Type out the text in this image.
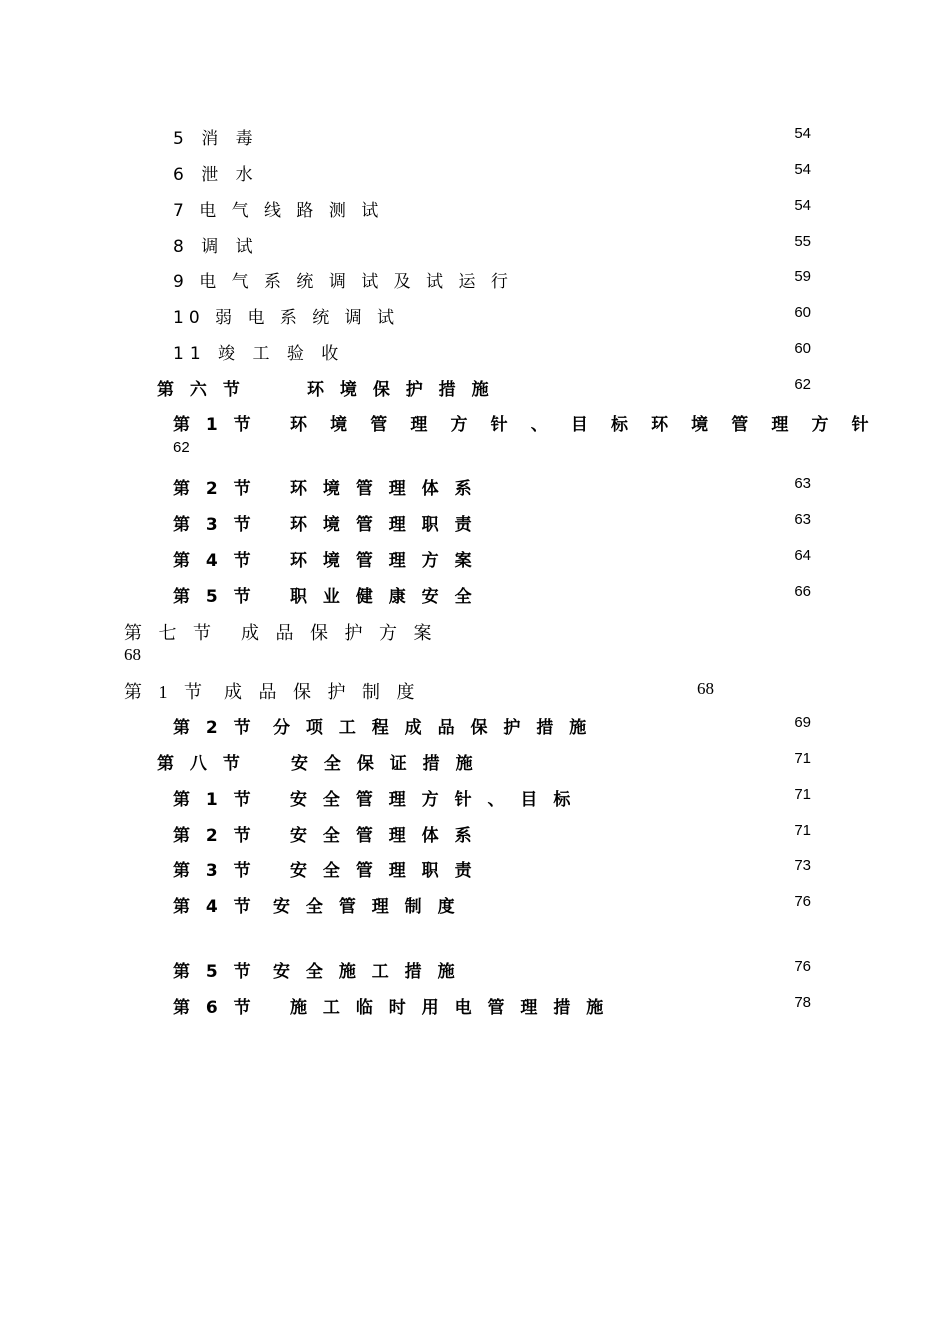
5 消 毒	54
6 泄 水	54
7 电 气 线 路 测 试	54
8 调 试	55
9 电 气 系 统 调 试 及 试 运 行	59
10 弱 电 系 统 调 试	60
11 竣 工 验 收	60
第 六 节	环 境 保 护 措 施	62
第 1 节 环 境 管 理 方 针 、 目 标 环 境 管 理 方 针
62
第 2 节 环 境 管 理 体 系	63
第 3 节 环 境 管 理 职 责	63
第 4 节 环 境 管 理 方 案	64
第 5 节 职 业 健 康 安 全	66
第 七 节 成 品 保 护 方 案
68
第 1 节 成 品 保 护 制 度	68
第 2 节 分 项 工 程 成 品 保 护 措 施	69
第 八 节	安 全 保 证 措 施	71
第 1 节 安 全 管 理 方 针 、 目 标	71
第 2 节 安 全 管 理 体 系	71
第 3 节 安 全 管 理 职 责	73
第 4 节 安 全 管 理 制 度	76
第 5 节 安 全 施 工 措 施	76
第 6 节 施 工 临 时 用 电 管 理 措 施	78
